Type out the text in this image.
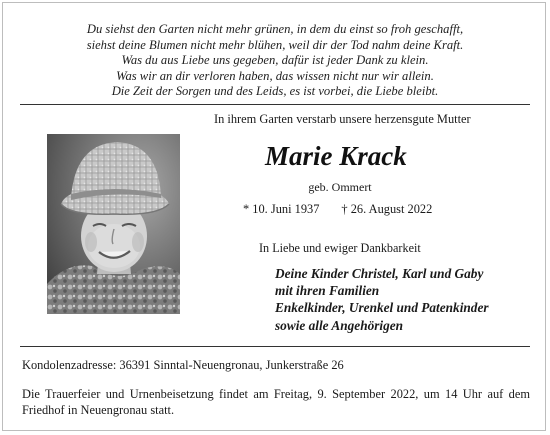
Du siehst den Garten nicht mehr grünen, in dem du einst so froh geschafft,
siehst deine Blumen nicht mehr blühen, weil dir der Tod nahm deine Kraft.
Was du aus Liebe uns gegeben, dafür ist jeder Dank zu klein.
Was wir an dir verloren haben, das wissen nicht nur wir allein.
Die Zeit der Sorgen und des Leids, es ist vorbei, die Liebe bleibt.
In ihrem Garten verstarb unsere herzensgute Mutter
Marie Krack
geb. Ommert
* 10. Juni 1937 † 26. August 2022
In Liebe und ewiger Dankbarkeit
Deine Kinder Christel, Karl und Gaby
mit ihren Familien
Enkelkinder, Urenkel und Patenkinder
sowie alle Angehörigen
Kondolenzadresse: 36391 Sinntal-Neuengronau, Junkerstraße 26
Die Trauerfeier und Urnenbeisetzung findet am Freitag, 9. September 2022, um 14 Uhr auf dem Friedhof in Neuengronau statt.
